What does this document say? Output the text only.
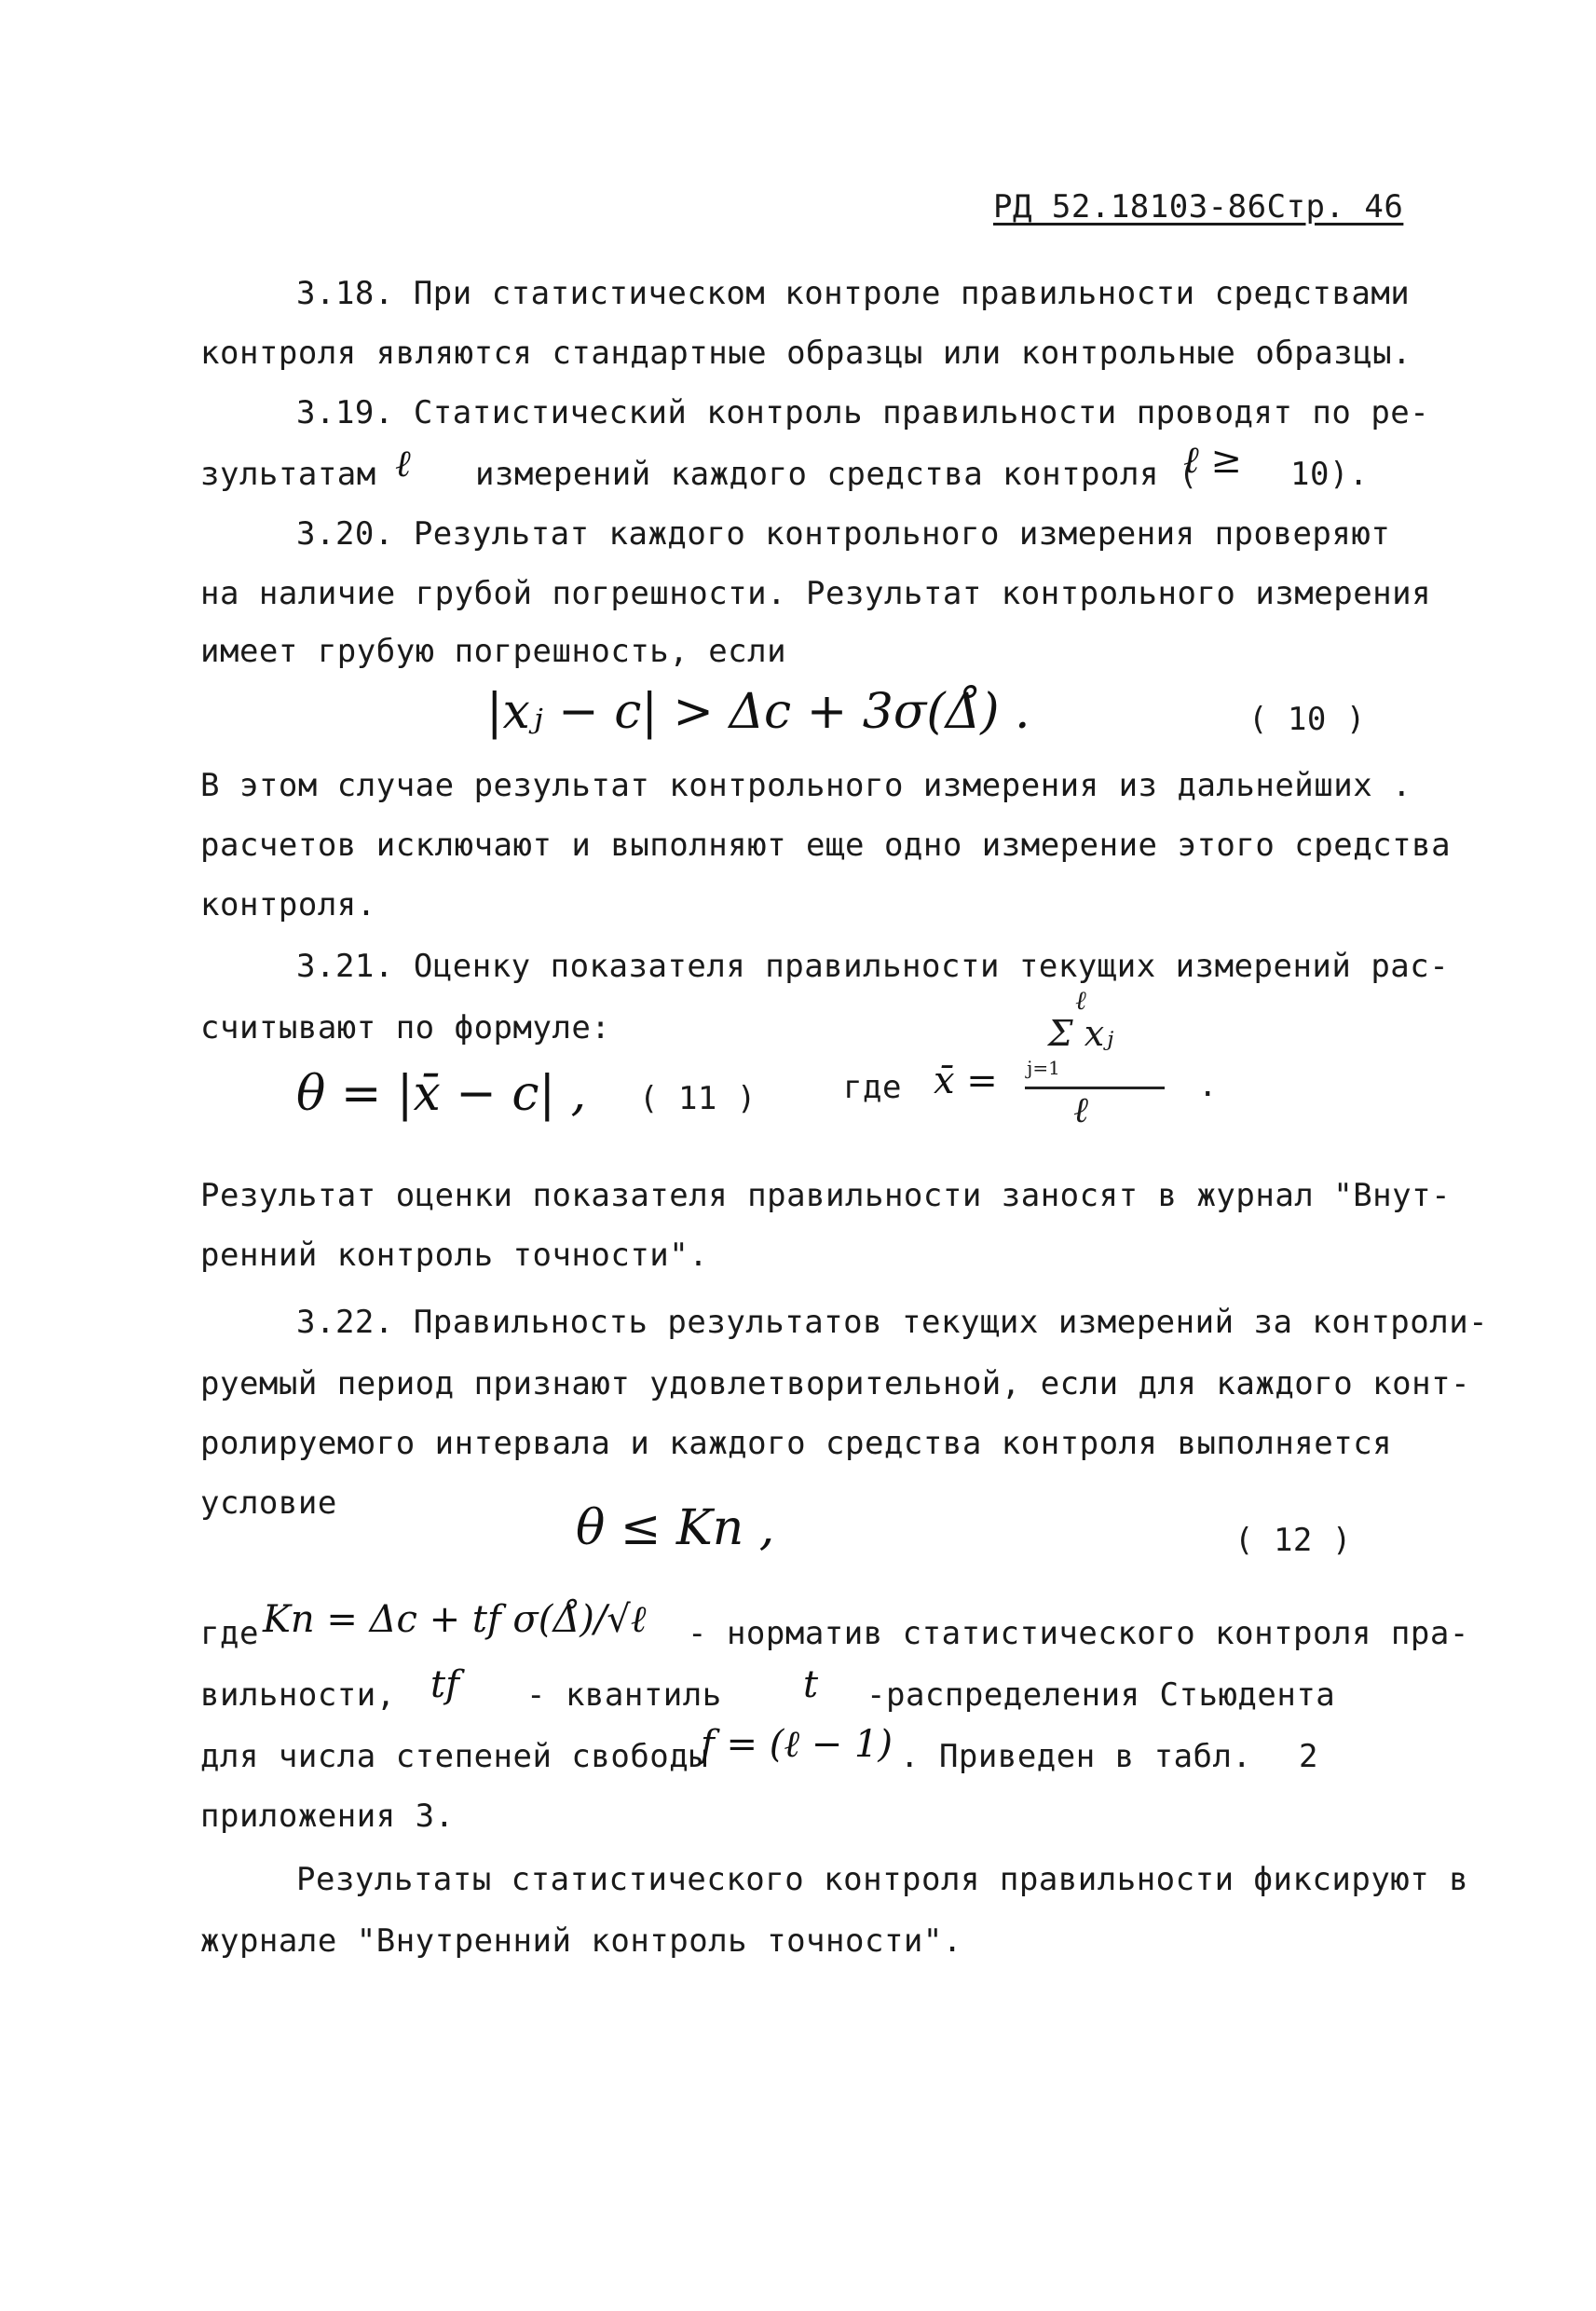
РД 52.18103-86Стр. 46
3.18. При статистическом контроле правильности средствами
контроля являются стандартные образцы или контрольные образцы.
3.19. Статистический контроль правильности проводят по ре-
зультатам ℓ измерений каждого средства контроля (
ℓ ≥ 10).
3.20. Результат каждого контрольного измерения проверяют
на наличие грубой погрешности. Результат контрольного измерения
имеет грубую погрешность, если
|xⱼ − c| > Δc + 3σ(Δ̊) .	( 10 )
В этом случае результат контрольного измерения из дальнейших .
расчетов исключают и выполняют еще одно измерение этого средства
контроля.
3.21. Оценку показателя правильности текущих измерений рас-
считывают по формуле:
θ = |x̄ − c| , ( 11 )	где x̄ =
ℓ
Σ xⱼ
j=1
ℓ
.
Результат оценки показателя правильности заносят в журнал "Внут-
ренний контроль точности".
3.22. Правильность результатов текущих измерений за контроли-
руемый период признают удовлетворительной, если для каждого конт-
ролируемого интервала и каждого средства контроля выполняется
условие	θ ≤ Kп ,	( 12 )
где Kп = Δc + tf σ(Δ̊)/√ℓ - норматив статистического контроля пра-
вильности, tf - квантиль t -распределения Стьюдента
для числа степеней свободы
f = (ℓ − 1) . Приведен в табл. 2
приложения 3.
Результаты статистического контроля правильности фиксируют в
журнале "Внутренний контроль точности".
